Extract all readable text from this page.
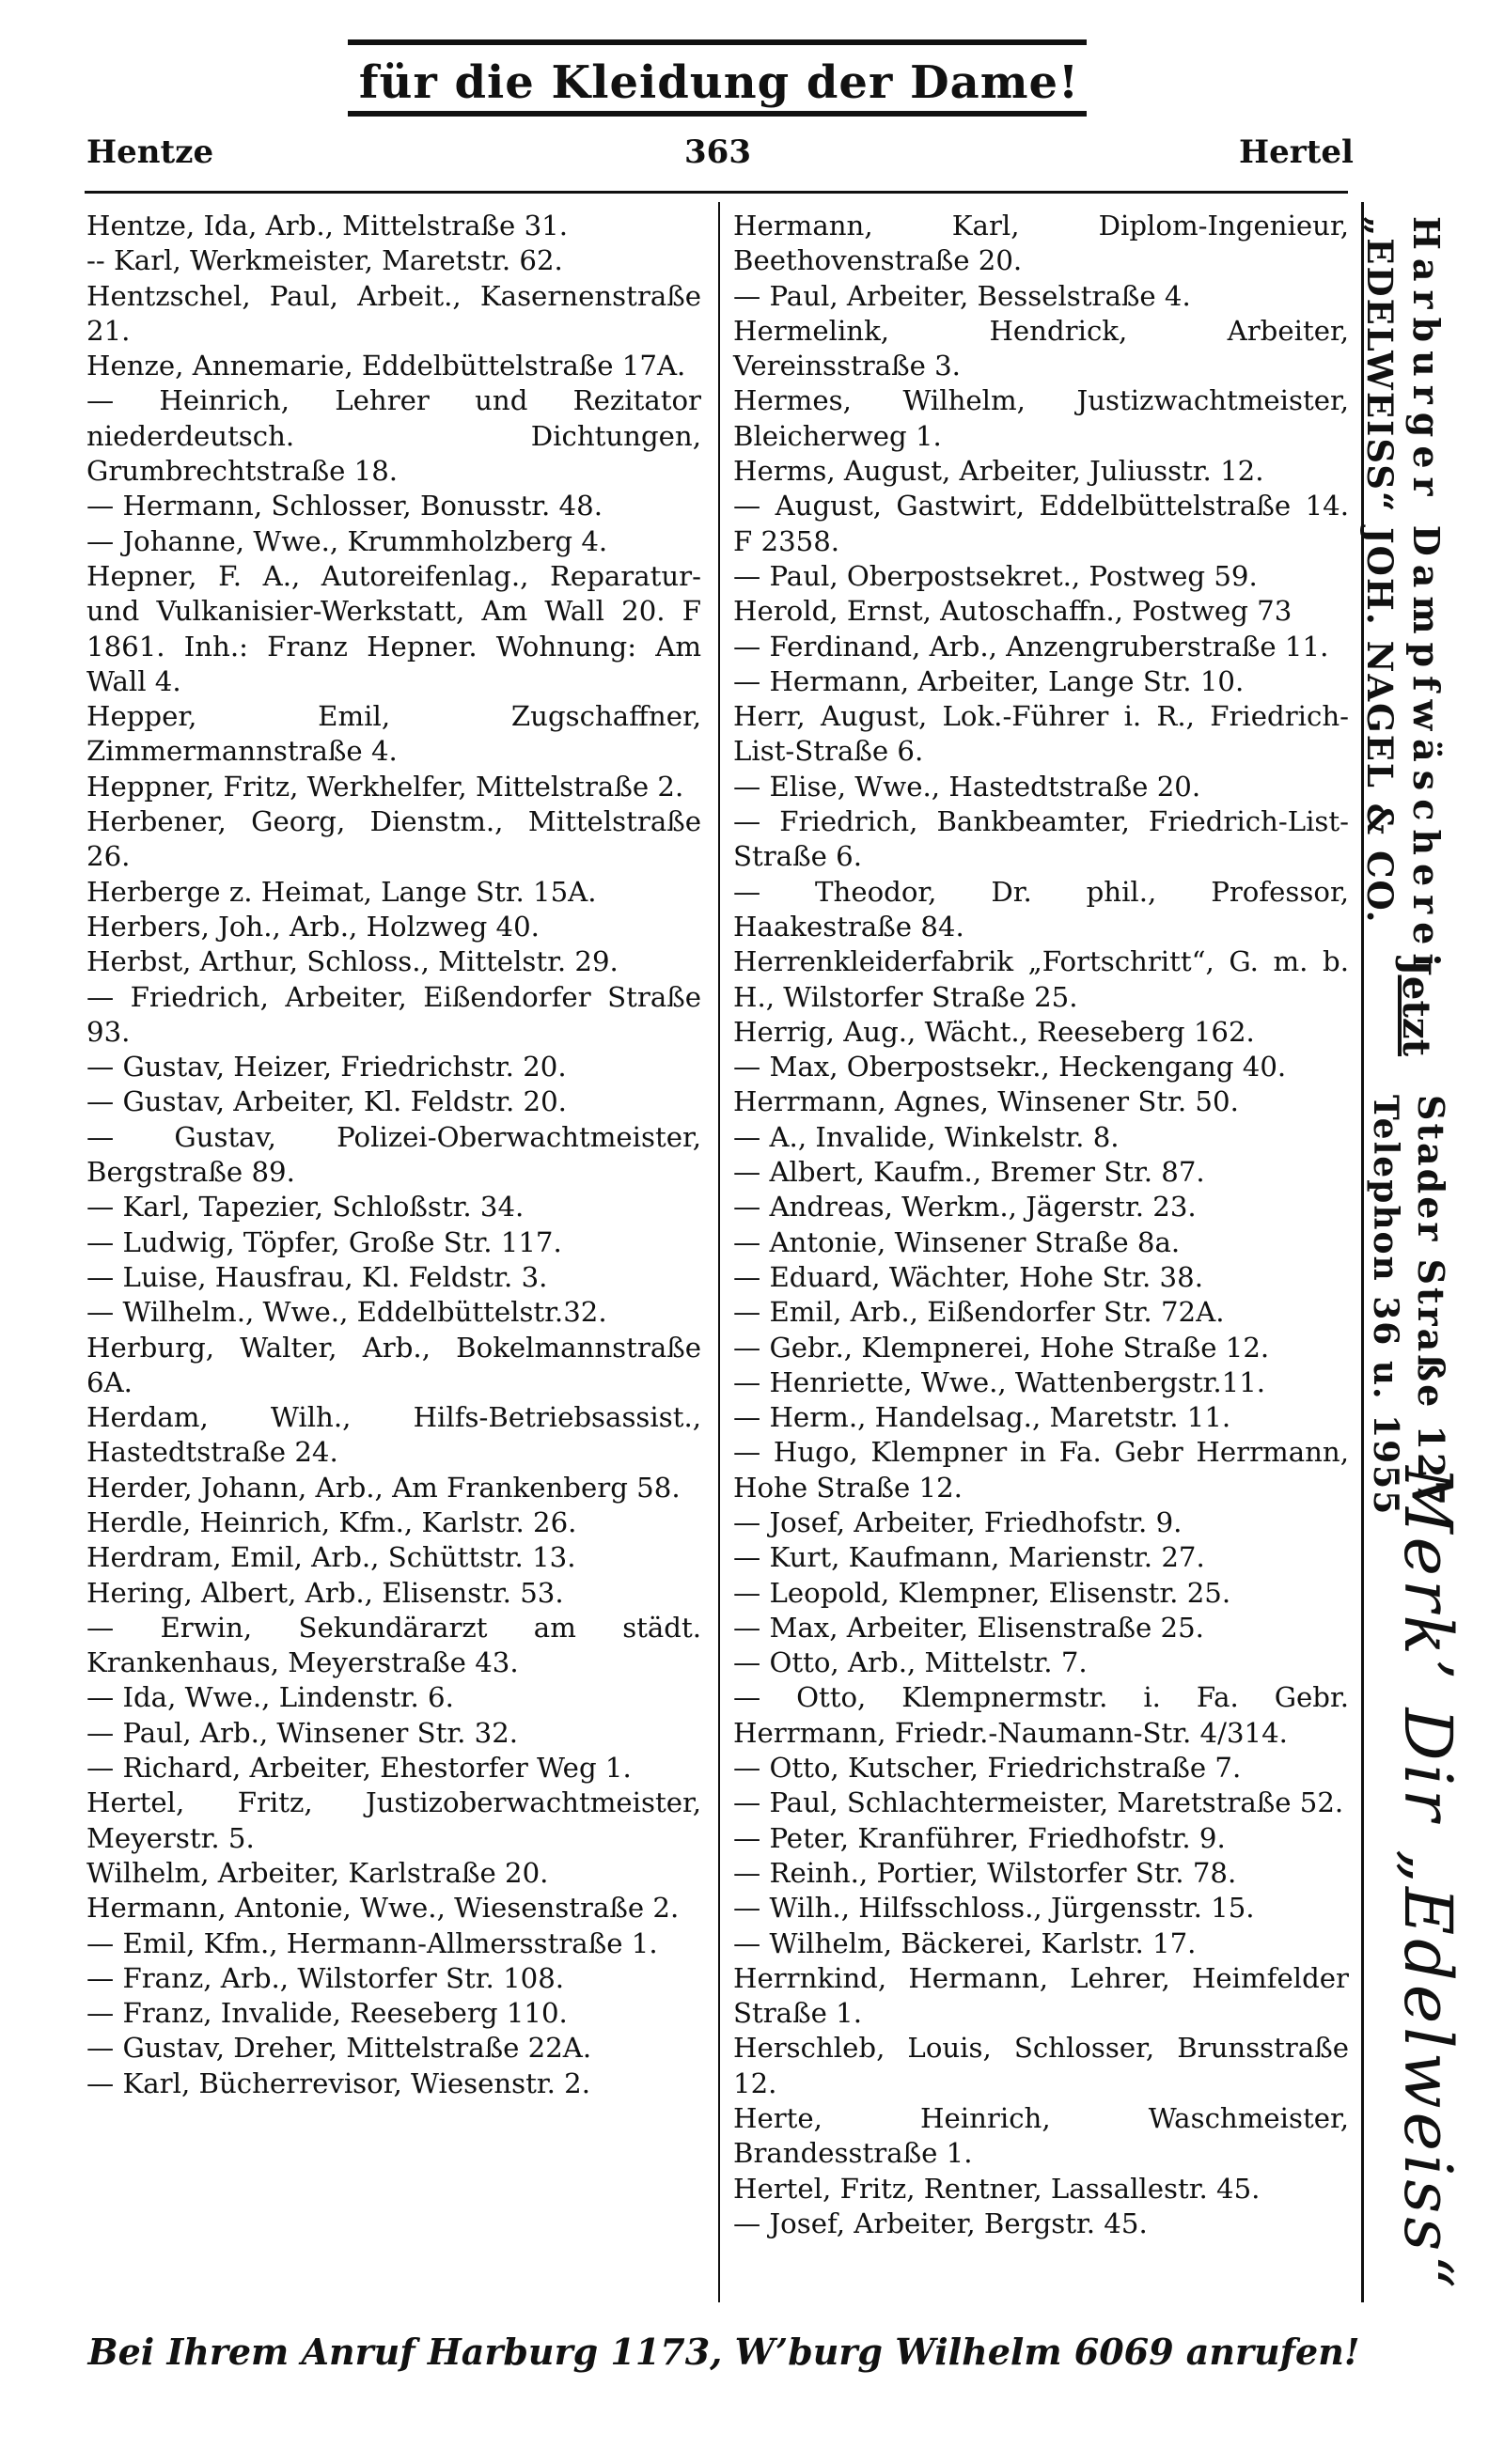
für die Kleidung der Dame!
Hentze	363	Hertel

Hentze, Ida, Arb., Mittelstraße 31.

-- Karl, Werkmeister, Maretstr. 62.

Hentzschel, Paul, Arbeit., Kasernenstraße 21.

Henze, Annemarie, Eddelbüttelstraße 17A.

— Heinrich, Lehrer und Rezitator niederdeutsch. Dichtungen, Grumbrechtstraße 18.

— Hermann, Schlosser, Bonusstr. 48.

— Johanne, Wwe., Krummholzberg 4.

Hepner, F. A., Autoreifenlag., Reparatur- und Vulkanisier-Werkstatt, Am Wall 20. F 1861. Inh.: Franz Hepner. Wohnung: Am Wall 4.

Hepper, Emil, Zugschaffner, Zimmermannstraße 4.

Heppner, Fritz, Werkhelfer, Mittelstraße 2.

Herbener, Georg, Dienstm., Mittelstraße 26.

Herberge z. Heimat, Lange Str. 15A.

Herbers, Joh., Arb., Holzweg 40.

Herbst, Arthur, Schloss., Mittelstr. 29.

— Friedrich, Arbeiter, Eißendorfer Straße 93.

— Gustav, Heizer, Friedrichstr. 20.

— Gustav, Arbeiter, Kl. Feldstr. 20.

— Gustav, Polizei-Oberwachtmeister, Bergstraße 89.

— Karl, Tapezier, Schloßstr. 34.

— Ludwig, Töpfer, Große Str. 117.

— Luise, Hausfrau, Kl. Feldstr. 3.

— Wilhelm., Wwe., Eddelbüttelstr.32.

Herburg, Walter, Arb., Bokelmannstraße 6A.

Herdam, Wilh., Hilfs-Betriebsassist., Hastedtstraße 24.

Herder, Johann, Arb., Am Frankenberg 58.

Herdle, Heinrich, Kfm., Karlstr. 26.

Herdram, Emil, Arb., Schüttstr. 13.

Hering, Albert, Arb., Elisenstr. 53.

— Erwin, Sekundärarzt am städt. Krankenhaus, Meyerstraße 43.

— Ida, Wwe., Lindenstr. 6.

— Paul, Arb., Winsener Str. 32.

— Richard, Arbeiter, Ehestorfer Weg 1.

Hertel, Fritz, Justizoberwachtmeister, Meyerstr. 5.

Wilhelm, Arbeiter, Karlstraße 20.

Hermann, Antonie, Wwe., Wiesenstraße 2.

— Emil, Kfm., Hermann-Allmersstraße 1.

— Franz, Arb., Wilstorfer Str. 108.

— Franz, Invalide, Reeseberg 110.

— Gustav, Dreher, Mittelstraße 22A.

— Karl, Bücherrevisor, Wiesenstr. 2.

Hermann, Karl, Diplom-Ingenieur, Beethovenstraße 20.

— Paul, Arbeiter, Besselstraße 4.

Hermelink, Hendrick, Arbeiter, Vereinsstraße 3.

Hermes, Wilhelm, Justizwachtmeister, Bleicherweg 1.

Herms, August, Arbeiter, Juliusstr. 12.

— August, Gastwirt, Eddelbüttelstraße 14. F 2358.

— Paul, Oberpostsekret., Postweg 59.

Herold, Ernst, Autoschaffn., Postweg 73

— Ferdinand, Arb., Anzengruberstraße 11.

— Hermann, Arbeiter, Lange Str. 10.

Herr, August, Lok.-Führer i. R., Friedrich-List-Straße 6.

— Elise, Wwe., Hastedtstraße 20.

— Friedrich, Bankbeamter, Friedrich-List-Straße 6.

— Theodor, Dr. phil., Professor, Haakestraße 84.

Herrenkleiderfabrik „Fortschritt“, G. m. b. H., Wilstorfer Straße 25.

Herrig, Aug., Wächt., Reeseberg 162.

— Max, Oberpostsekr., Heckengang 40.

Herrmann, Agnes, Winsener Str. 50.

— A., Invalide, Winkelstr. 8.

— Albert, Kaufm., Bremer Str. 87.

— Andreas, Werkm., Jägerstr. 23.

— Antonie, Winsener Straße 8a.

— Eduard, Wächter, Hohe Str. 38.

— Emil, Arb., Eißendorfer Str. 72A.

— Gebr., Klempnerei, Hohe Straße 12.

— Henriette, Wwe., Wattenbergstr.11.

— Herm., Handelsag., Maretstr. 11.

— Hugo, Klempner in Fa. Gebr Herrmann, Hohe Straße 12.

— Josef, Arbeiter, Friedhofstr. 9.

— Kurt, Kaufmann, Marienstr. 27.

— Leopold, Klempner, Elisenstr. 25.

— Max, Arbeiter, Elisenstraße 25.

— Otto, Arb., Mittelstr. 7.

— Otto, Klempnermstr. i. Fa. Gebr. Herrmann, Friedr.-Naumann-Str. 4/314.

— Otto, Kutscher, Friedrichstraße 7.

— Paul, Schlachtermeister, Maretstraße 52.

— Peter, Kranführer, Friedhofstr. 9.

— Reinh., Portier, Wilstorfer Str. 78.

— Wilh., Hilfsschloss., Jürgensstr. 15.

— Wilhelm, Bäckerei, Karlstr. 17.

Herrnkind, Hermann, Lehrer, Heimfelder Straße 1.

Herschleb, Louis, Schlosser, Brunsstraße 12.

Herte, Heinrich, Waschmeister, Brandesstraße 1.

Hertel, Fritz, Rentner, Lassallestr. 45.

— Josef, Arbeiter, Bergstr. 45.

Harburger Dampfwäscherei
„EDELWEISS“ JOH. NAGEL & CO.
Jetzt
Stader Straße 127
Telephon 36 u. 1955
Merk’ Dir „Edelweiss“
Bei Ihrem Anruf Harburg 1173, W’burg Wilhelm 6069 anrufen!
